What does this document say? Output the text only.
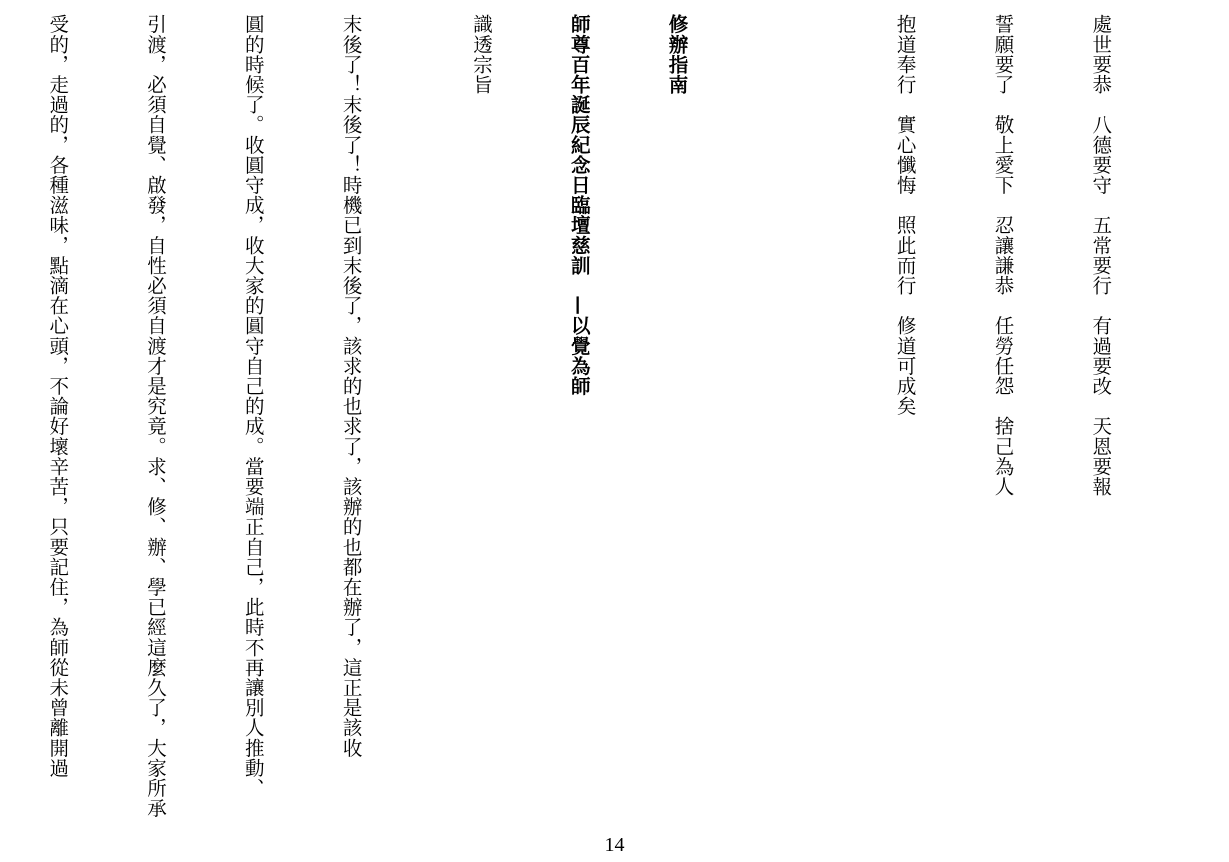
處世要恭　八德要守　五常要行　有過要改　天恩要報

誓願要了　敬上愛下　忍讓謙恭　任勞任怨　捨己為人

抱道奉行　實心懺悔　照此而行　修道可成矣

修辦指南

師尊百年誕辰紀念日臨壇慈訓　—以覺為師

識透宗旨

末後了！末後了！時機已到末後了，該求的也求了，該辦的也都在辦了，這正是該收

圓的時候了。收圓守成，收大家的圓守自己的成。當要端正自己，此時不再讓別人推動、

引渡，必須自覺、啟發，自性必須自渡才是究竟。求、修、辦、學已經這麼久了，大家所承

受的，走過的，各種滋味，點滴在心頭，不論好壞辛苦，只要記住，為師從未曾離開過

14
